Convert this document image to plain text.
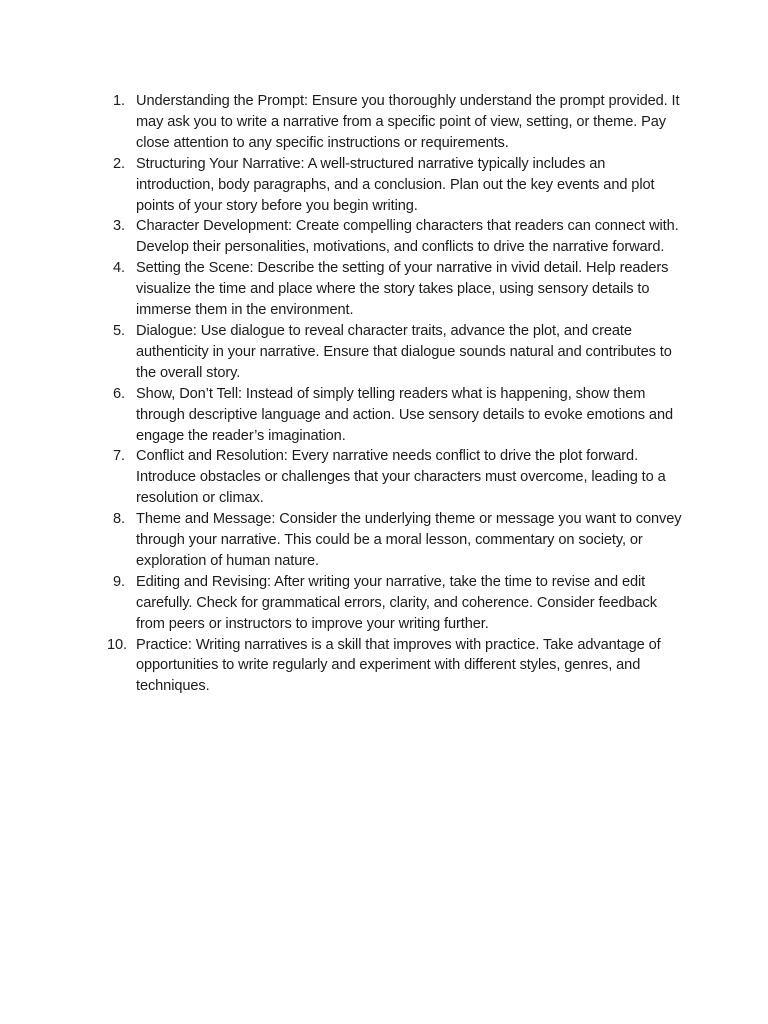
1. Understanding the Prompt: Ensure you thoroughly understand the prompt provided. It may ask you to write a narrative from a specific point of view, setting, or theme. Pay close attention to any specific instructions or requirements.
2. Structuring Your Narrative: A well-structured narrative typically includes an introduction, body paragraphs, and a conclusion. Plan out the key events and plot points of your story before you begin writing.
3. Character Development: Create compelling characters that readers can connect with. Develop their personalities, motivations, and conflicts to drive the narrative forward.
4. Setting the Scene: Describe the setting of your narrative in vivid detail. Help readers visualize the time and place where the story takes place, using sensory details to immerse them in the environment.
5. Dialogue: Use dialogue to reveal character traits, advance the plot, and create authenticity in your narrative. Ensure that dialogue sounds natural and contributes to the overall story.
6. Show, Don’t Tell: Instead of simply telling readers what is happening, show them through descriptive language and action. Use sensory details to evoke emotions and engage the reader’s imagination.
7. Conflict and Resolution: Every narrative needs conflict to drive the plot forward. Introduce obstacles or challenges that your characters must overcome, leading to a resolution or climax.
8. Theme and Message: Consider the underlying theme or message you want to convey through your narrative. This could be a moral lesson, commentary on society, or exploration of human nature.
9. Editing and Revising: After writing your narrative, take the time to revise and edit carefully. Check for grammatical errors, clarity, and coherence. Consider feedback from peers or instructors to improve your writing further.
10. Practice: Writing narratives is a skill that improves with practice. Take advantage of opportunities to write regularly and experiment with different styles, genres, and techniques.
